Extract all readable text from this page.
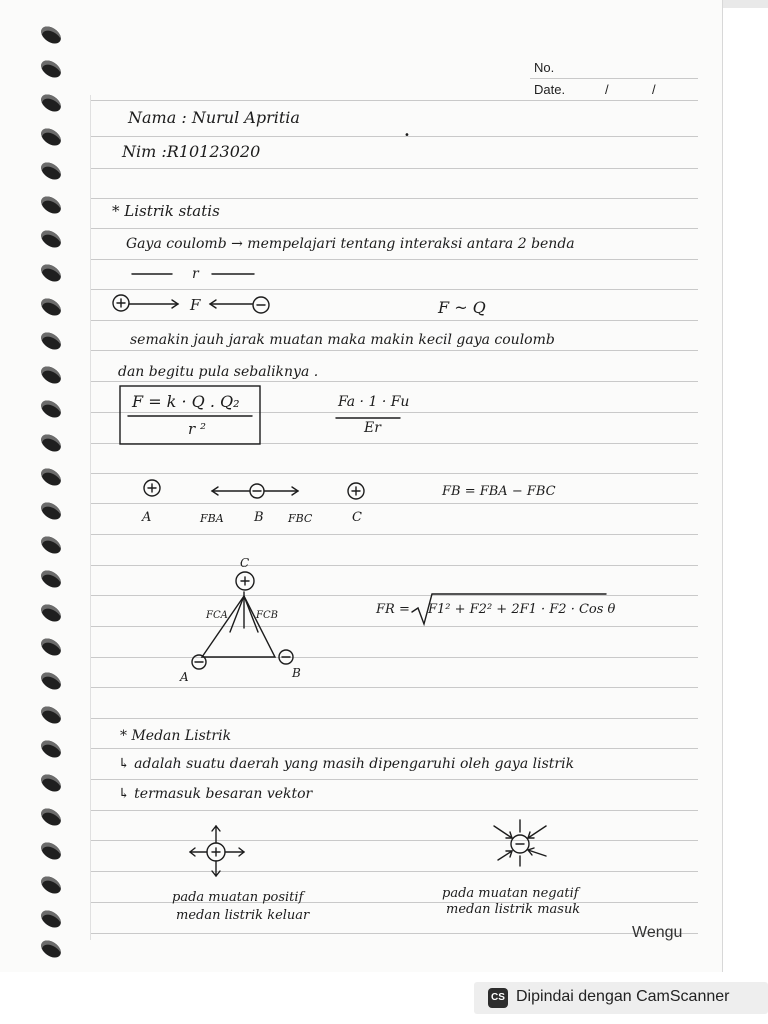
No.
Date.	/	/
Nama : Nurul Apritia
Nim :R10123020
* Listrik statis
Gaya coulomb → mempelajari tentang interaksi antara 2 benda
r
F	F ~ Q
semakin jauh jarak muatan maka makin kecil gaya coulomb
dan begitu pula sebaliknya .
F = k · Q . Q₂
r ²
Fa · 1 · Fu
Er
A	FBA B FBC	C
FB = FBA − FBC
C
FCA	FCB
A	B
FR = F1² + F2² + 2F1 · F2 · Cos θ
* Medan Listrik
↳ adalah suatu daerah yang masih dipengaruhi oleh gaya listrik
↳ termasuk besaran vektor
pada muatan positif
medan listrik keluar
pada muatan negatif
medan listrik masuk
Wengu
•
CS Dipindai dengan CamScanner
